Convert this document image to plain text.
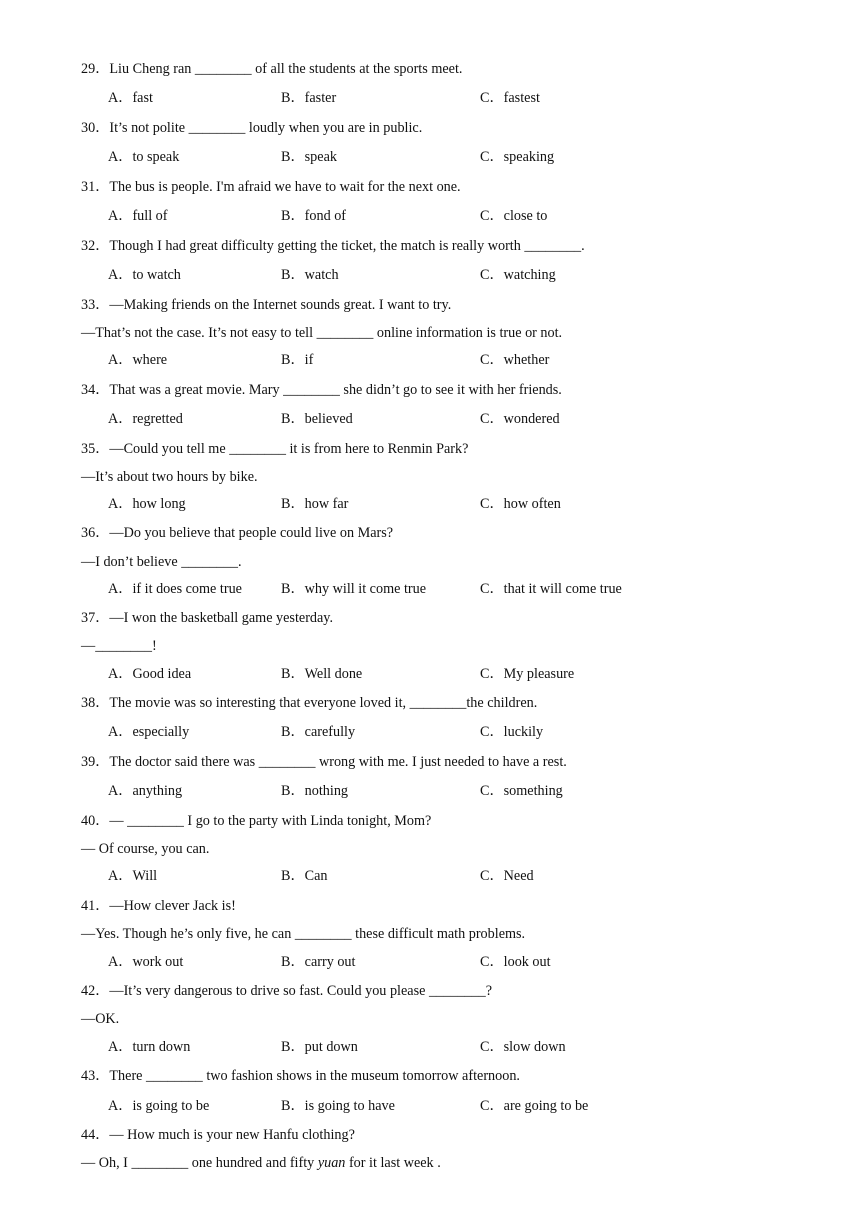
29．Liu Cheng ran ________ of all the students at the sports meet.
A．fast	B．faster	C．fastest
30．It’s not polite ________ loudly when you are in public.
A．to speak	B．speak	C．speaking
31．The bus is people. I'm afraid we have to wait for the next one.
A．full of	B．fond of	C．close to
32．Though I had great difficulty getting the ticket, the match is really worth ________.
A．to watch	B．watch	C．watching
33．—Making friends on the Internet sounds great. I want to try.
—That’s not the case. It’s not easy to tell ________ online information is true or not.
A．where	B．if	C．whether
34．That was a great movie. Mary ________ she didn’t go to see it with her friends.
A．regretted	B．believed	C．wondered
35．—Could you tell me ________ it is from here to Renmin Park?
—It’s about two hours by bike.
A．how long	B．how far	C．how often
36．—Do you believe that people could live on Mars?
—I don’t believe ________.
A．if it does come true	B．why will it come true	C．that it will come true
37．—I won the basketball game yesterday.
—________!
A．Good idea	B．Well done	C．My pleasure
38．The movie was so interesting that everyone loved it, ________the children.
A．especially	B．carefully	C．luckily
39．The doctor said there was ________ wrong with me. I just needed to have a rest.
A．anything	B．nothing	C．something
40．— ________ I go to the party with Linda tonight, Mom?
— Of course, you can.
A．Will	B．Can	C．Need
41．—How clever Jack is!
—Yes. Though he’s only five, he can ________ these difficult math problems.
A．work out	B．carry out	C．look out
42．—It’s very dangerous to drive so fast. Could you please ________?
—OK.
A．turn down	B．put down	C．slow down
43．There ________ two fashion shows in the museum tomorrow afternoon.
A．is going to be	B．is going to have	C．are going to be
44．— How much is your new Hanfu clothing?
— Oh, I ________ one hundred and fifty yuan for it last week .
